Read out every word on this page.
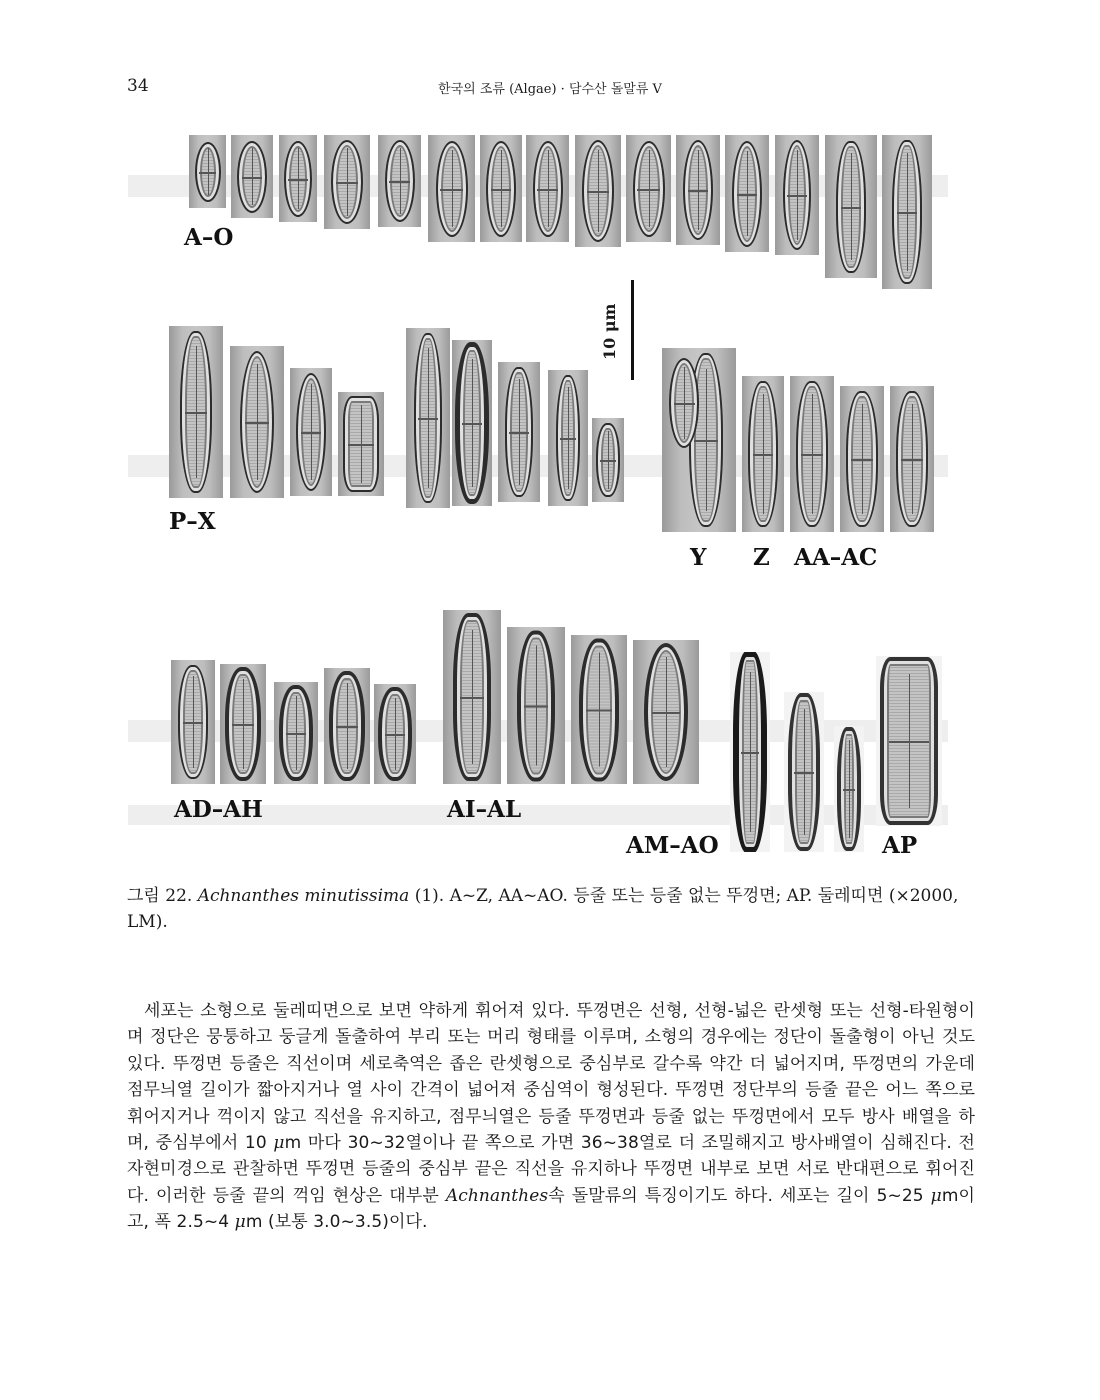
34	한국의 조류 (Algae) · 담수산 돌말류 V
A–O
10 μm
P–X
Y Z AA–AC
AD–AH	AI–AL
AM–AO	AP
그림 22. Achnanthes minutissima (1). A~Z, AA~AO. 등줄 또는 등줄 없는 뚜껑면; AP. 둘레띠면 (×2000, LM).

세포는 소형으로 둘레띠면으로 보면 약하게 휘어져 있다. 뚜껑면은 선형, 선형-넓은 란셋형 또는 선형-타원형이며 정단은 뭉퉁하고 둥글게 돌출하여 부리 또는 머리 형태를 이루며, 소형의 경우에는 정단이 돌출형이 아닌 것도 있다. 뚜껑면 등줄은 직선이며 세로축역은 좁은 란셋형으로 중심부로 갈수록 약간 더 넓어지며, 뚜껑면의 가운데 점무늬열 길이가 짧아지거나 열 사이 간격이 넓어져 중심역이 형성된다. 뚜껑면 정단부의 등줄 끝은 어느 쪽으로 휘어지거나 꺽이지 않고 직선을 유지하고, 점무늬열은 등줄 뚜껑면과 등줄 없는 뚜껑면에서 모두 방사 배열을 하며, 중심부에서 10 μm 마다 30~32열이나 끝 쪽으로 가면 36~38열로 더 조밀해지고 방사배열이 심해진다. 전자현미경으로 관찰하면 뚜껑면 등줄의 중심부 끝은 직선을 유지하나 뚜껑면 내부로 보면 서로 반대편으로 휘어진다. 이러한 등줄 끝의 꺽임 현상은 대부분 Achnanthes속 돌말류의 특징이기도 하다. 세포는 길이 5~25 μm이고, 폭 2.5~4 μm (보통 3.0~3.5)이다.
